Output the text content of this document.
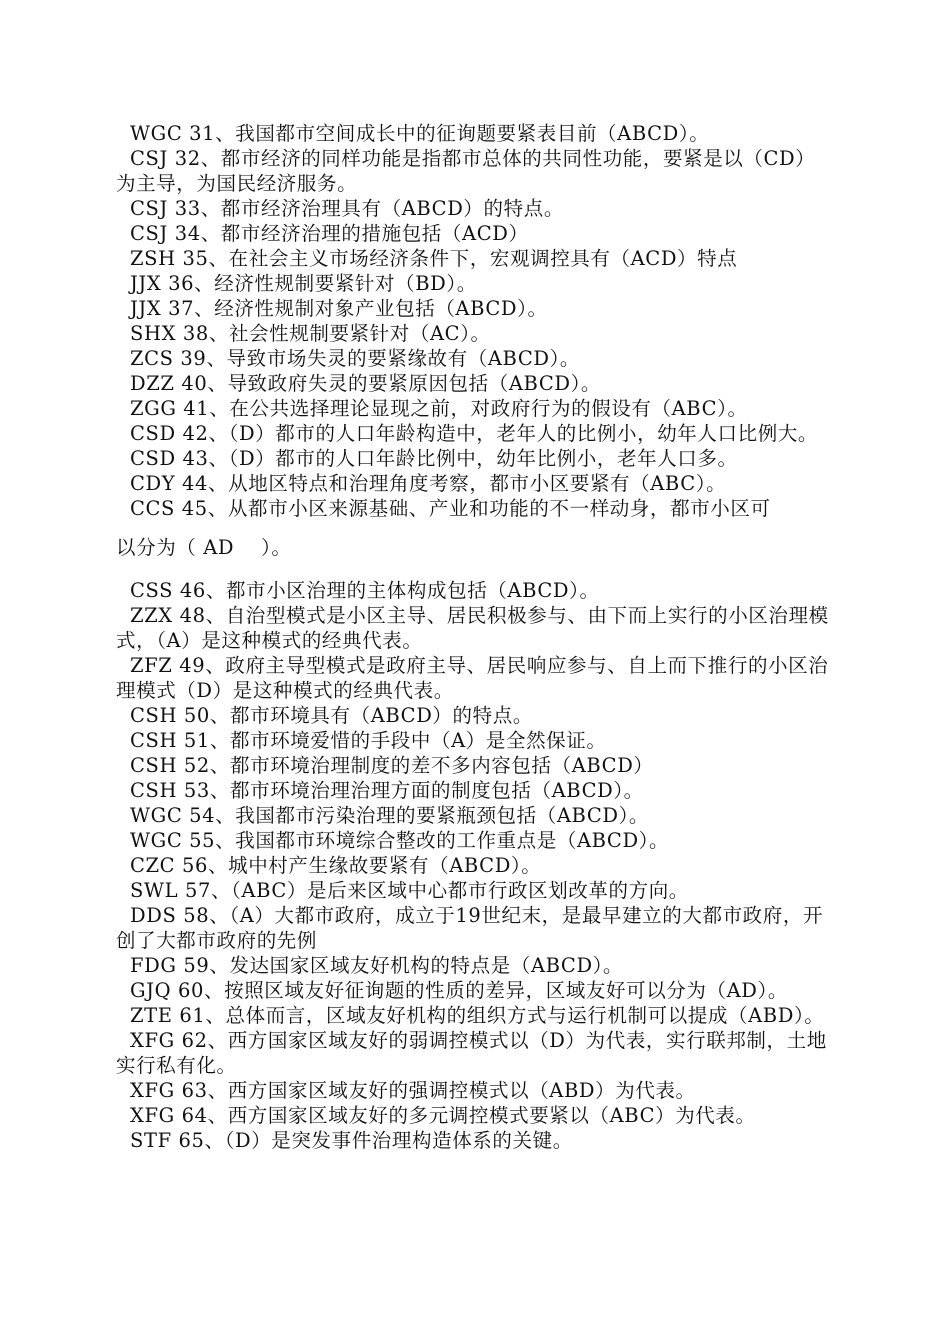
WGC 31、我国都市空间成长中的征询题要紧表目前（ABCD）。

CSJ 32、都市经济的同样功能是指都市总体的共同性功能，要紧是以（CD）为主导，为国民经济服务。

CSJ 33、都市经济治理具有（ABCD）的特点。

CSJ 34、都市经济治理的措施包括（ACD）

ZSH 35、在社会主义市场经济条件下，宏观调控具有（ACD）特点

JJX 36、经济性规制要紧针对（BD）。

JJX 37、经济性规制对象产业包括（ABCD）。

SHX 38、社会性规制要紧针对（AC）。

ZCS 39、导致市场失灵的要紧缘故有（ABCD）。

DZZ 40、导致政府失灵的要紧原因包括（ABCD）。

ZGG 41、在公共选择理论显现之前，对政府行为的假设有（ABC）。

CSD 42、（D）都市的人口年龄构造中，老年人的比例小，幼年人口比例大。

CSD 43、（D）都市的人口年龄比例中，幼年比例小，老年人口多。

CDY 44、从地区特点和治理角度考察，都市小区要紧有（ABC）。

CCS 45、从都市小区来源基础、产业和功能的不一样动身，都市小区可
以分为（ AD　 ）。

CSS 46、都市小区治理的主体构成包括（ABCD）。

ZZX 48、自治型模式是小区主导、居民积极参与、由下而上实行的小区治理模式，（A）是这种模式的经典代表。

ZFZ 49、政府主导型模式是政府主导、居民响应参与、自上而下推行的小区治理模式（D）是这种模式的经典代表。

CSH 50、都市环境具有（ABCD）的特点。

CSH 51、都市环境爱惜的手段中（A）是全然保证。

CSH 52、都市环境治理制度的差不多内容包括（ABCD）

CSH 53、都市环境治理治理方面的制度包括（ABCD）。

WGC 54、我国都市污染治理的要紧瓶颈包括（ABCD）。

WGC 55、我国都市环境综合整改的工作重点是（ABCD）。

CZC 56、城中村产生缘故要紧有（ABCD）。

SWL 57、（ABC）是后来区域中心都市行政区划改革的方向。

DDS 58、（A）大都市政府，成立于19世纪末，是最早建立的大都市政府，开创了大都市政府的先例

FDG 59、发达国家区域友好机构的特点是（ABCD）。

GJQ 60、按照区域友好征询题的性质的差异，区域友好可以分为（AD）。

ZTE 61、总体而言，区域友好机构的组织方式与运行机制可以提成（ABD）。

XFG 62、西方国家区域友好的弱调控模式以（D）为代表，实行联邦制，土地实行私有化。

XFG 63、西方国家区域友好的强调控模式以（ABD）为代表。

XFG 64、西方国家区域友好的多元调控模式要紧以（ABC）为代表。

STF 65、（D）是突发事件治理构造体系的关键。
